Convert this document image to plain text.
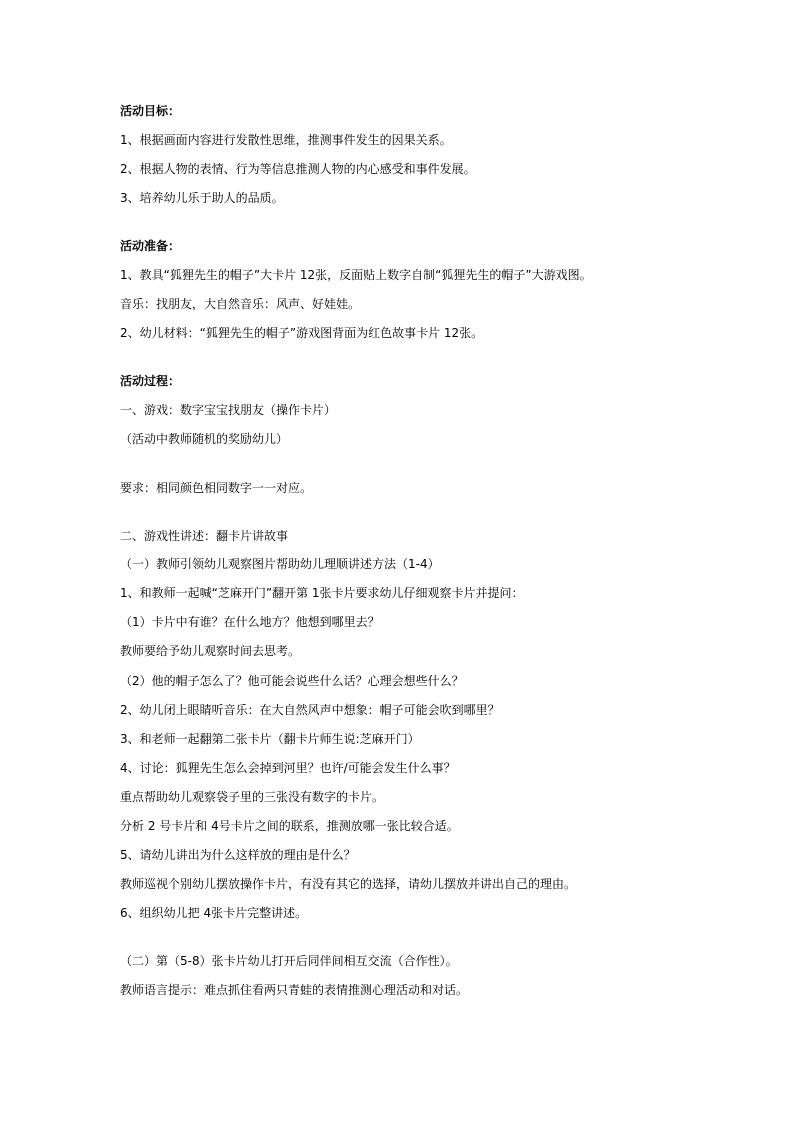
活动目标：

1、根据画面内容进行发散性思维，推测事件发生的因果关系。

2、根据人物的表情、行为等信息推测人物的内心感受和事件发展。

3、培养幼儿乐于助人的品质。

活动准备：

1、教具“狐狸先生的帽子”大卡片 12张，反面贴上数字自制“狐狸先生的帽子”大游戏图。

音乐：找朋友，大自然音乐：风声、好娃娃。

2、幼儿材料：“狐狸先生的帽子”游戏图背面为红色故事卡片 12张。

活动过程：

一、游戏：数字宝宝找朋友（操作卡片）

（活动中教师随机的奖励幼儿）

要求：相同颜色相同数字一一对应。

二、游戏性讲述：翻卡片讲故事

（一）教师引领幼儿观察图片帮助幼儿理顺讲述方法（1-4）

1、和教师一起喊“芝麻开门”翻开第 1张卡片要求幼儿仔细观察卡片并提问：

（1）卡片中有谁？在什么地方？他想到哪里去？

教师要给予幼儿观察时间去思考。

（2）他的帽子怎么了？他可能会说些什么话？心理会想些什么？

2、幼儿闭上眼睛听音乐：在大自然风声中想象：帽子可能会吹到哪里？

3、和老师一起翻第二张卡片（翻卡片师生说:芝麻开门）

4、讨论：狐狸先生怎么会掉到河里？也许/可能会发生什么事？

重点帮助幼儿观察袋子里的三张没有数字的卡片。

分析 2 号卡片和 4号卡片之间的联系，推测放哪一张比较合适。

5、请幼儿讲出为什么这样放的理由是什么？

教师巡视个别幼儿摆放操作卡片，有没有其它的选择，请幼儿摆放并讲出自己的理由。

6、组织幼儿把 4张卡片完整讲述。

（二）第（5-8）张卡片幼儿打开后同伴间相互交流（合作性）。

教师语言提示：难点抓住看两只青蛙的表情推测心理活动和对话。
